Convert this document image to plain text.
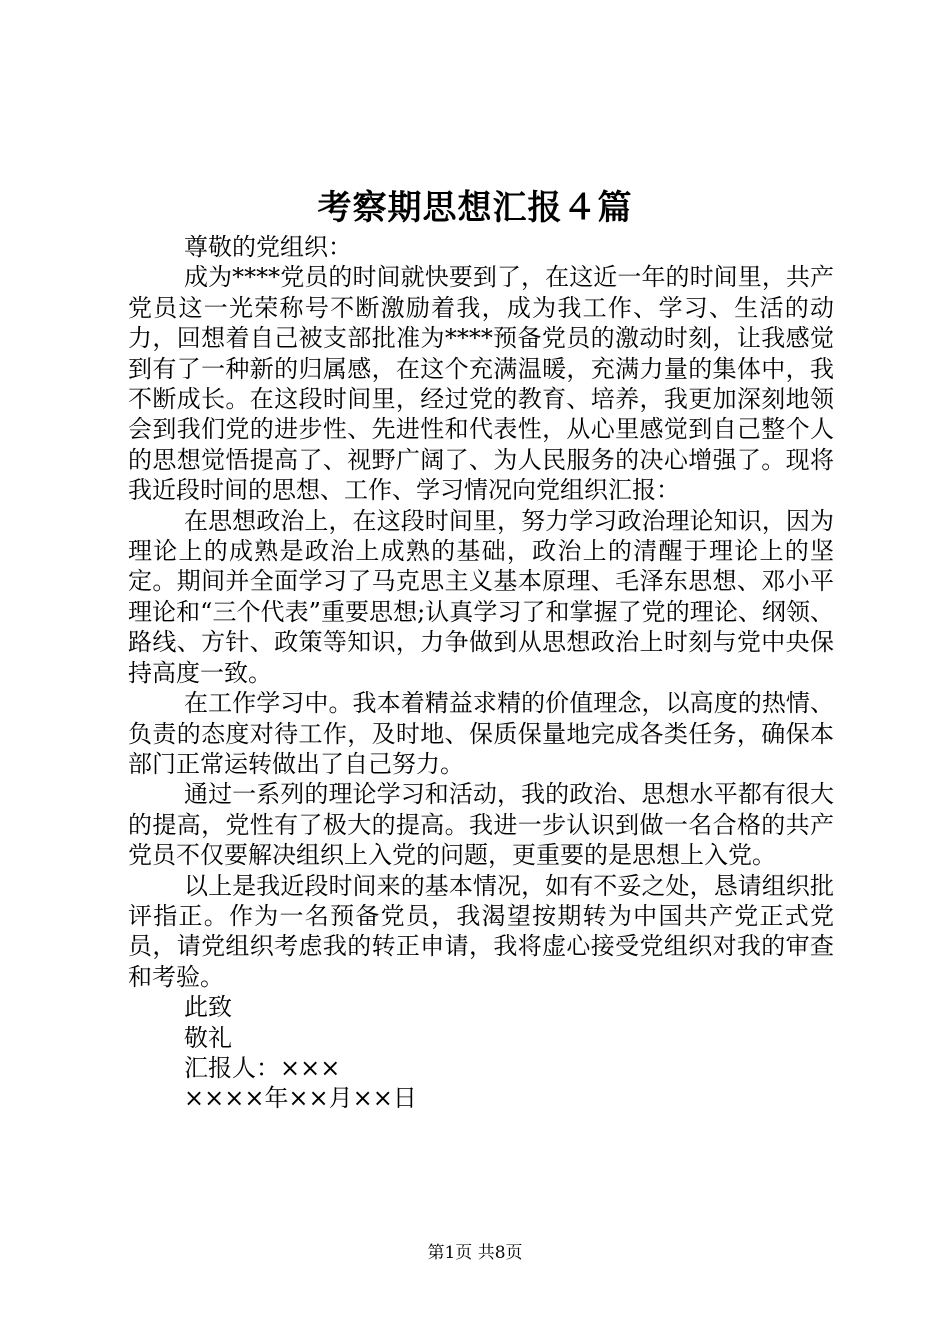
考察期思想汇报４篇

尊敬的党组织：

成为****党员的时间就快要到了，在这近一年的时间里，共产党员这一光荣称号不断激励着我，成为我工作、学习、生活的动力，回想着自己被支部批准为****预备党员的激动时刻，让我感觉到有了一种新的归属感，在这个充满温暖，充满力量的集体中，我不断成长。在这段时间里，经过党的教育、培养，我更加深刻地领会到我们党的进步性、先进性和代表性，从心里感觉到自己整个人的思想觉悟提高了、视野广阔了、为人民服务的决心增强了。现将我近段时间的思想、工作、学习情况向党组织汇报：

在思想政治上，在这段时间里，努力学习政治理论知识，因为理论上的成熟是政治上成熟的基础，政治上的清醒于理论上的坚定。期间并全面学习了马克思主义基本原理、毛泽东思想、邓小平理论和“三个代表”重要思想;认真学习了和掌握了党的理论、纲领、路线、方针、政策等知识，力争做到从思想政治上时刻与党中央保持高度一致。

在工作学习中。我本着精益求精的价值理念，以高度的热情、负责的态度对待工作，及时地、保质保量地完成各类任务，确保本部门正常运转做出了自己努力。

通过一系列的理论学习和活动，我的政治、思想水平都有很大的提高，党性有了极大的提高。我进一步认识到做一名合格的共产党员不仅要解决组织上入党的问题，更重要的是思想上入党。

以上是我近段时间来的基本情况，如有不妥之处，恳请组织批评指正。作为一名预备党员，我渴望按期转为中国共产党正式党员，请党组织考虑我的转正申请，我将虚心接受党组织对我的审查和考验。

此致

敬礼

汇报人：×××

××××年××月××日

第1页 共8页
